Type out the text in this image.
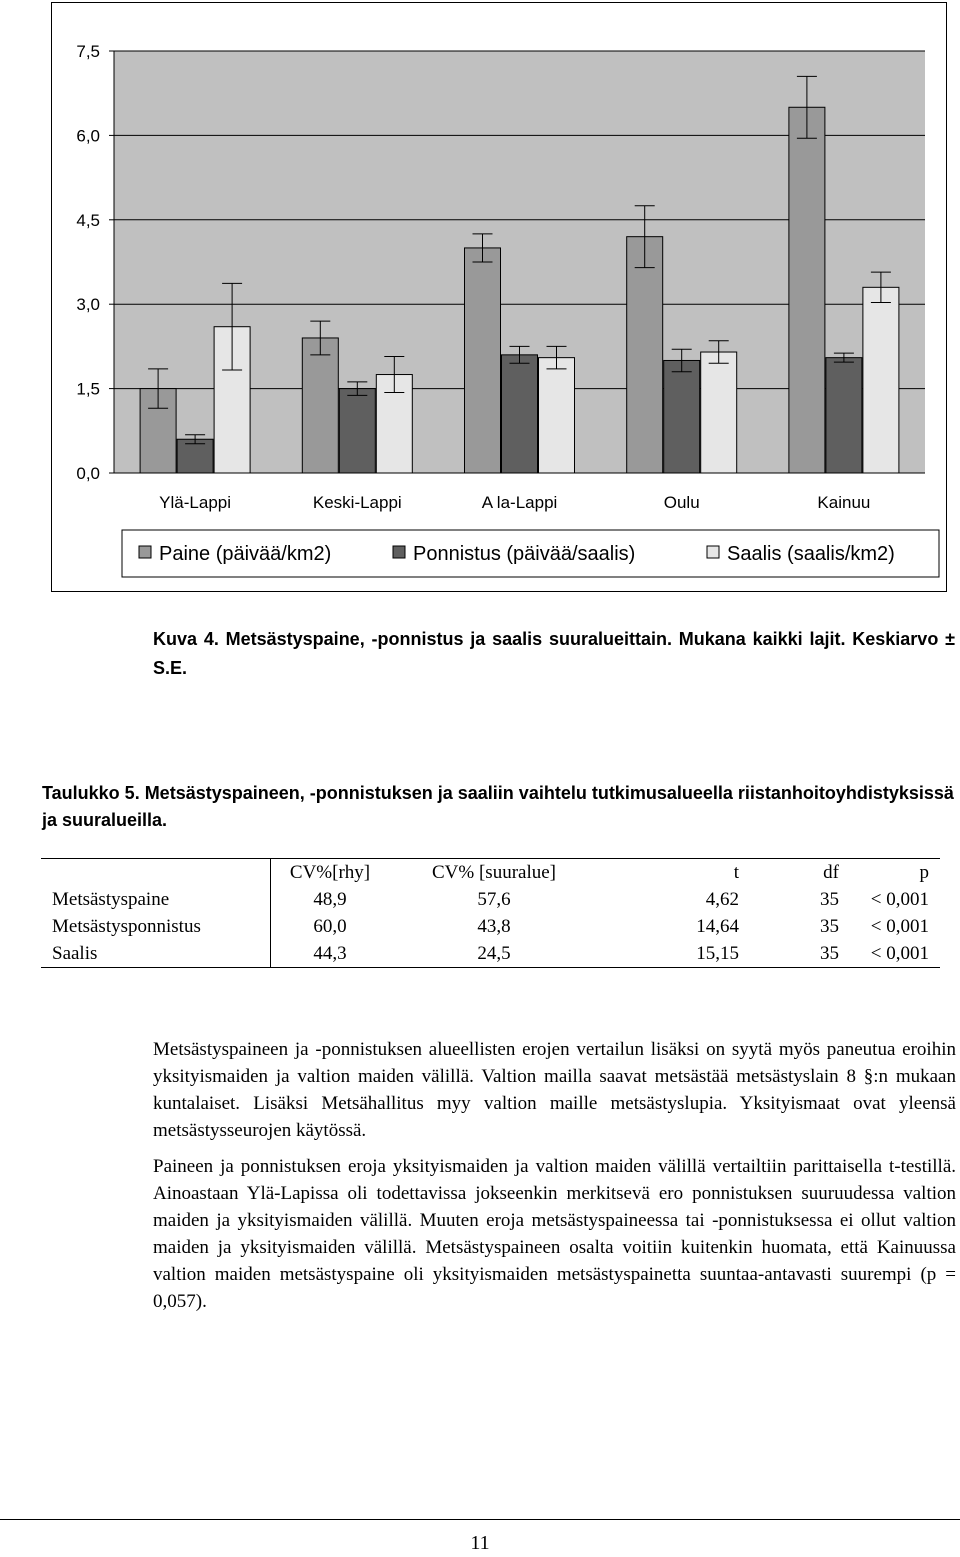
0,0
1,5
3,0
4,5
6,0
7,5
Ylä-Lappi	Keski-Lappi	A la-Lappi	Oulu	Kainuu
Paine (päivää/km2)	Ponnistus (päivää/saalis)	Saalis (saalis/km2)
Kuva 4. Metsästyspaine, -ponnistus ja saalis suuralueittain. Mukana kaikki lajit. Keskiarvo ± S.E.
Taulukko 5. Metsästyspaineen, -ponnistuksen ja saaliin vaihtelu tutkimusalueella riistanhoitoyhdistyksissä ja suuralueilla.
	CV%[rhy]	CV% [suuralue]	t	df	p
Metsästyspaine	48,9	57,6	4,62	35	< 0,001
Metsästysponnistus	60,0	43,8	14,64	35	< 0,001
Saalis	44,3	24,5	15,15	35	< 0,001

Metsästyspaineen ja -ponnistuksen alueellisten erojen vertailun lisäksi on syytä myös paneutua eroihin yksityismaiden ja valtion maiden välillä. Valtion mailla saavat metsästää metsästyslain 8 §:n mukaan kuntalaiset. Lisäksi Metsähallitus myy valtion maille metsästyslupia. Yksityismaat ovat yleensä metsästysseurojen käytössä.

Paineen ja ponnistuksen eroja yksityismaiden ja valtion maiden välillä vertailtiin parittaisella t-testillä. Ainoastaan Ylä-Lapissa oli todettavissa jokseenkin merkitsevä ero ponnistuksen suuruudessa valtion maiden ja yksityismaiden välillä. Muuten eroja metsästyspaineessa tai -ponnistuksessa ei ollut valtion maiden ja yksityismaiden välillä. Metsästyspaineen osalta voitiin kuitenkin huomata, että Kainuussa valtion maiden metsästyspaine oli yksityismaiden metsästyspainetta suuntaa-antavasti suurempi (p = 0,057).

11
